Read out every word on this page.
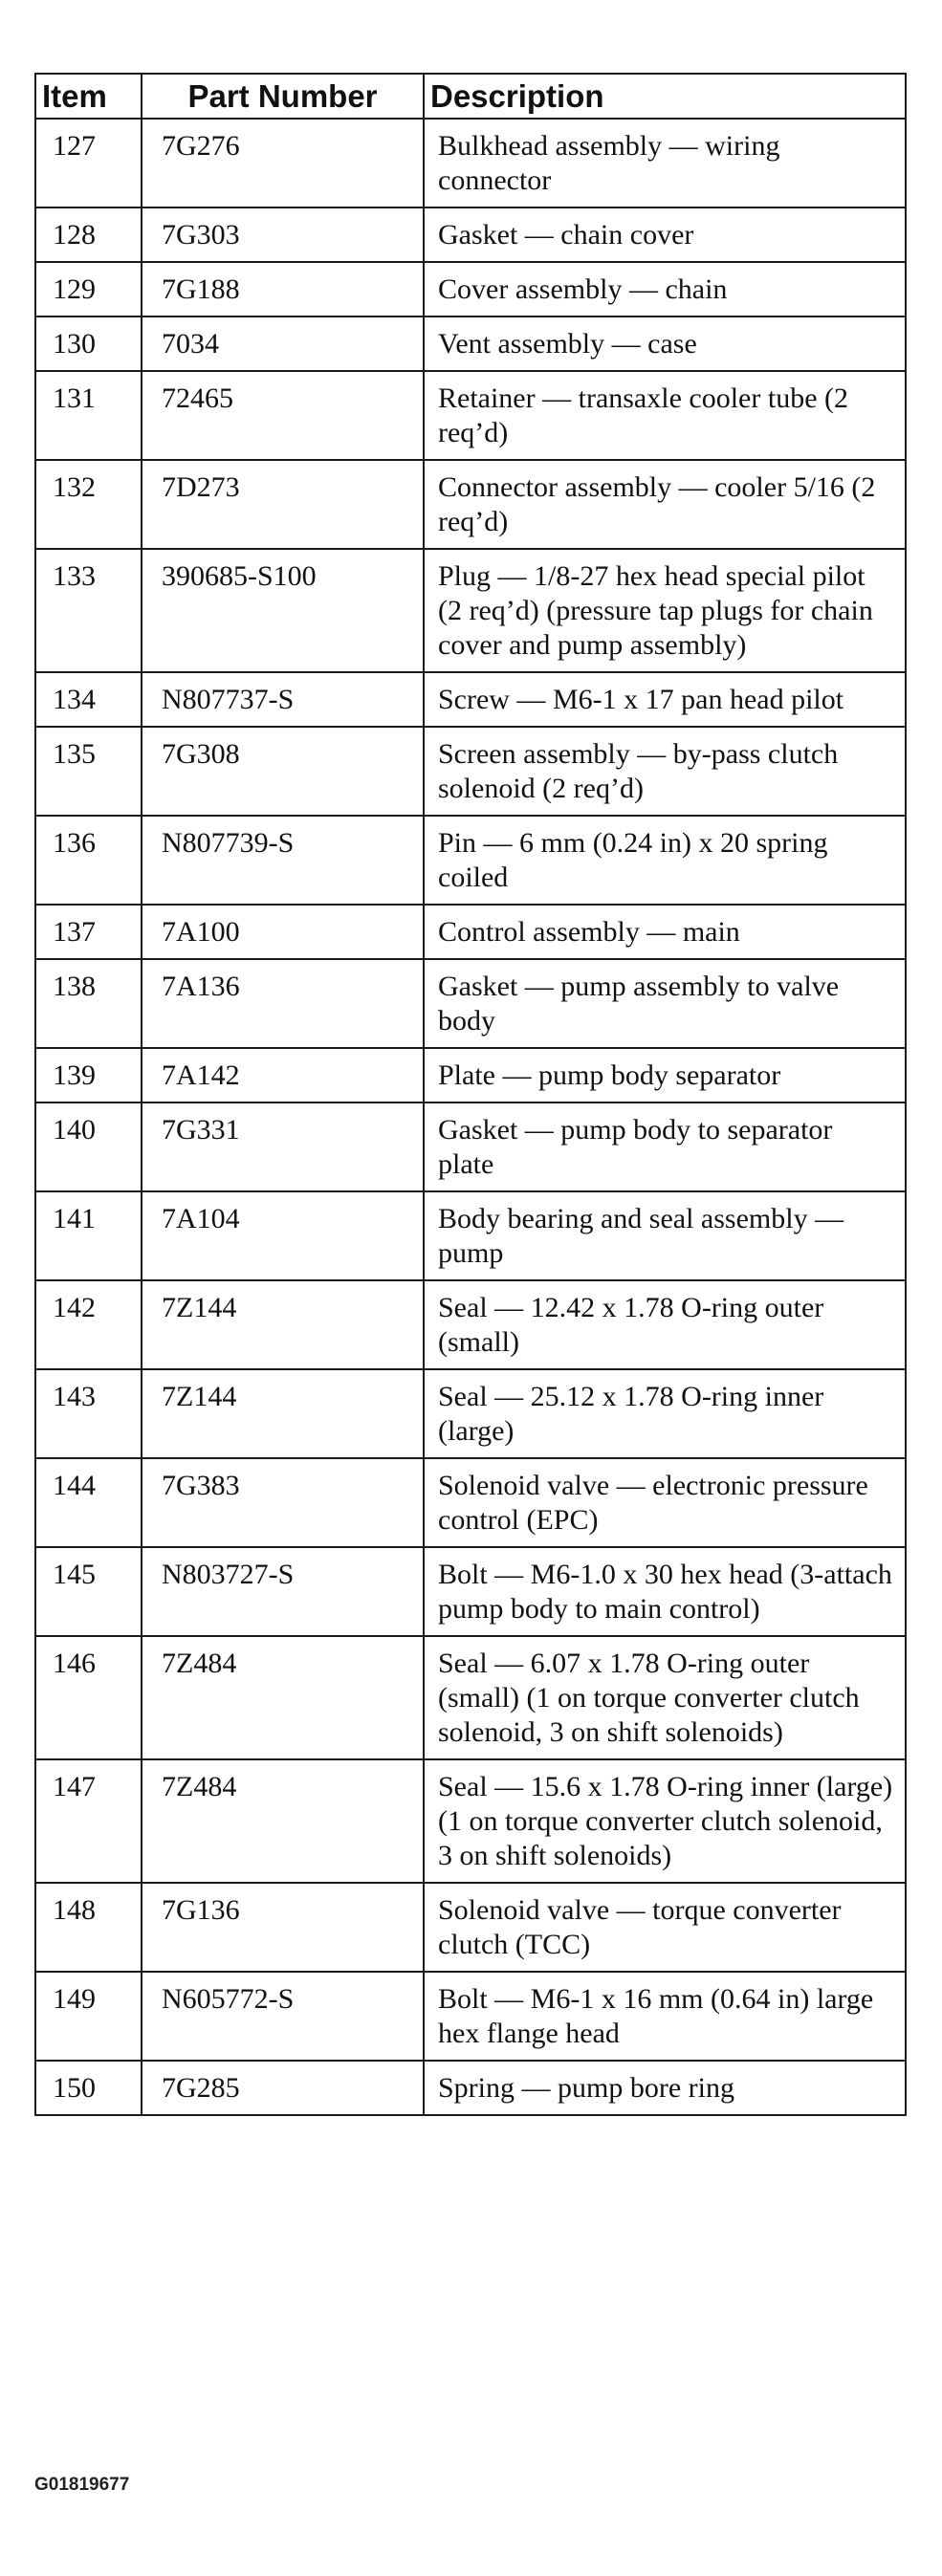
Item	Part Number	Description
127	7G276	Bulkhead assembly — wiring connector
128	7G303	Gasket — chain cover
129	7G188	Cover assembly — chain
130	7034	Vent assembly — case
131	72465	Retainer — transaxle cooler tube (2 req’d)
132	7D273	Connector assembly — cooler 5/16 (2 req’d)
133	390685-S100	Plug — 1/8-27 hex head special pilot (2 req’d) (pressure tap plugs for chain cover and pump assembly)
134	N807737-S	Screw — M6-1 x 17 pan head pilot
135	7G308	Screen assembly — by-pass clutch solenoid (2 req’d)
136	N807739-S	Pin — 6 mm (0.24 in) x 20 spring coiled
137	7A100	Control assembly — main
138	7A136	Gasket — pump assembly to valve body
139	7A142	Plate — pump body separator
140	7G331	Gasket — pump body to separator plate
141	7A104	Body bearing and seal assembly — pump
142	7Z144	Seal — 12.42 x 1.78 O-ring outer (small)
143	7Z144	Seal — 25.12 x 1.78 O-ring inner (large)
144	7G383	Solenoid valve — electronic pressure control (EPC)
145	N803727-S	Bolt — M6-1.0 x 30 hex head (3-attach pump body to main control)
146	7Z484	Seal — 6.07 x 1.78 O-ring outer (small) (1 on torque converter clutch solenoid, 3 on shift solenoids)
147	7Z484	Seal — 15.6 x 1.78 O-ring inner (large) (1 on torque converter clutch solenoid, 3 on shift solenoids)
148	7G136	Solenoid valve — torque converter clutch (TCC)
149	N605772-S	Bolt — M6-1 x 16 mm (0.64 in) large hex flange head
150	7G285	Spring — pump bore ring
G01819677
